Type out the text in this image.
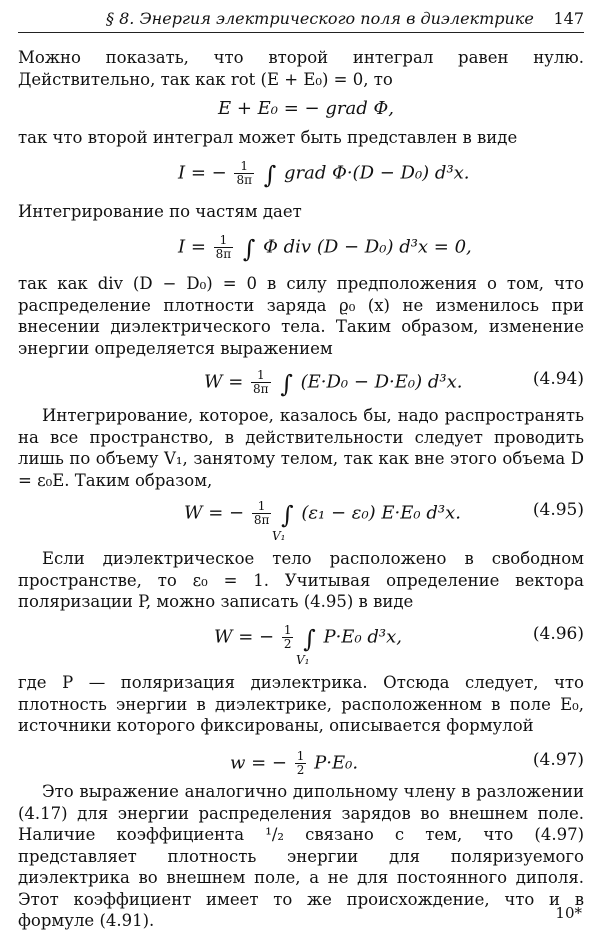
§ 8. Энергия электрического поля в диэлектрике 147

Можно показать, что второй интеграл равен нулю. Действительно, так как rot (E + E₀) = 0, то

E + E₀ = − grad Φ,

так что второй интеграл может быть представлен в виде

I = − $\frac{1}{8\pi}$ ∫ grad Φ·(D − D₀) d³x.

Интегрирование по частям дает

$I = \frac{1}{8\pi}$ ∫ Φ div (D − D₀) d³x = 0,

так как div (D − D₀) = 0 в силу предположения о том, что распределение плотности заряда ϱ₀ (x) не изменилось при внесении диэлектрического тела. Таким образом, изменение энергии определяется выражением

$W = \frac{1}{8\pi}$ ∫ (E·D₀ − D·E₀) d³x.	(4.94)

Интегрирование, которое, казалось бы, надо распространять на все пространство, в действительности следует проводить лишь по объему V₁, занятому телом, так как вне этого объема D = ε₀E. Таким образом,

W = − $\frac{1}{8\pi}$ ∫ (ε₁ − ε₀) E·E₀ d³x.
V₁
(4.95)

Если диэлектрическое тело расположено в свободном пространстве, то ε₀ = 1. Учитывая определение вектора поляризации P, можно записать (4.95) в виде

W = − $\frac{1}{2}$ ∫ P·E₀ d³x,
V₁
(4.96)

где P — поляризация диэлектрика. Отсюда следует, что плотность энергии в диэлектрике, расположенном в поле E₀, источники которого фиксированы, описывается формулой

w = − $\frac{1}{2} P\cdot E_0$.	(4.97)

Это выражение аналогично дипольному члену в разложении (4.17) для энергии распределения зарядов во внешнем поле. Наличие коэффициента ¹/₂ связано с тем, что (4.97) представляет плотность энергии для поляризуемого диэлектрика во внешнем поле, а не для постоянного диполя. Этот коэффициент имеет то же происхождение, что и в формуле (4.91).	10*
